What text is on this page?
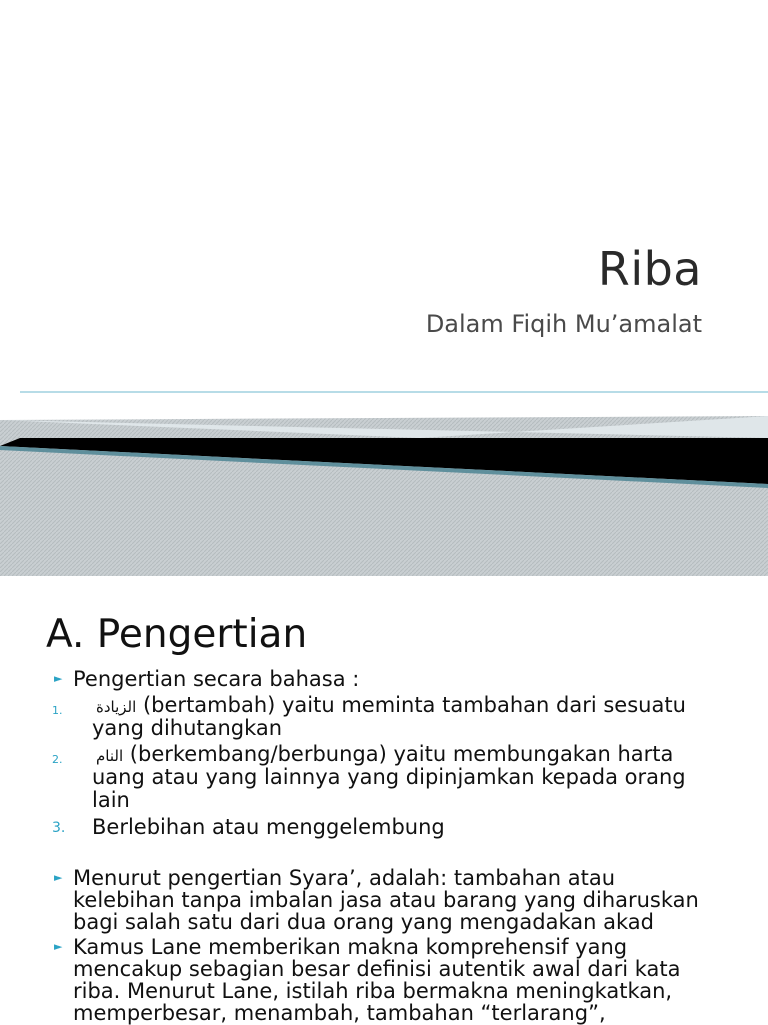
Riba
Dalam Fiqih Mu’amalat
A. Pengertian
► Pengertian secara bahasa :
1. الزيادة (bertambah) yaitu meminta tambahan dari sesuatu
yang dihutangkan
2. النام (berkembang/berbunga) yaitu membungakan harta
uang atau yang lainnya yang dipinjamkan kepada orang
lain
3. Berlebihan atau menggelembung
► Menurut pengertian Syara’, adalah: tambahan atau
kelebihan tanpa imbalan jasa atau barang yang diharuskan
bagi salah satu dari dua orang yang mengadakan akad
► Kamus Lane memberikan makna komprehensif yang
mencakup sebagian besar definisi autentik awal dari kata
riba. Menurut Lane, istilah riba bermakna meningkatkan,
memperbesar, menambah, tambahan “terlarang”,
